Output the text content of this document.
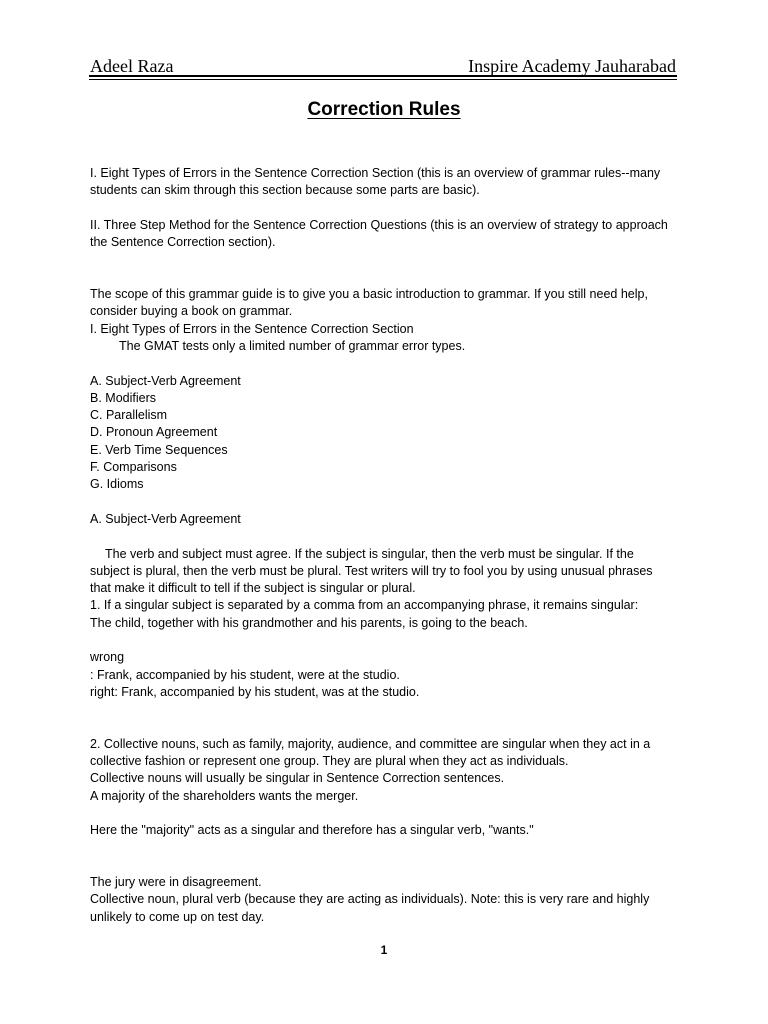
Adeel Raza	Inspire Academy Jauharabad
Correction Rules

I. Eight Types of Errors in the Sentence Correction Section (this is an overview of grammar rules--many

students can skim through this section because some parts are basic).

II. Three Step Method for the Sentence Correction Questions (this is an overview of strategy to approach

the Sentence Correction section).

The scope of this grammar guide is to give you a basic introduction to grammar. If you still need help,

consider buying a book on grammar.

I. Eight Types of Errors in the Sentence Correction Section

The GMAT tests only a limited number of grammar error types.

A. Subject-Verb Agreement

B. Modifiers

C. Parallelism

D. Pronoun Agreement

E. Verb Time Sequences

F. Comparisons

G. Idioms

A. Subject-Verb Agreement

The verb and subject must agree. If the subject is singular, then the verb must be singular. If the

subject is plural, then the verb must be plural. Test writers will try to fool you by using unusual phrases

that make it difficult to tell if the subject is singular or plural.

1. If a singular subject is separated by a comma from an accompanying phrase, it remains singular:

The child, together with his grandmother and his parents, is going to the beach.

wrong

: Frank, accompanied by his student, were at the studio.

right: Frank, accompanied by his student, was at the studio.

2. Collective nouns, such as family, majority, audience, and committee are singular when they act in a

collective fashion or represent one group. They are plural when they act as individuals.

Collective nouns will usually be singular in Sentence Correction sentences.

A majority of the shareholders wants the merger.

Here the "majority" acts as a singular and therefore has a singular verb, "wants."

The jury were in disagreement.

Collective noun, plural verb (because they are acting as individuals). Note: this is very rare and highly

unlikely to come up on test day.

1
